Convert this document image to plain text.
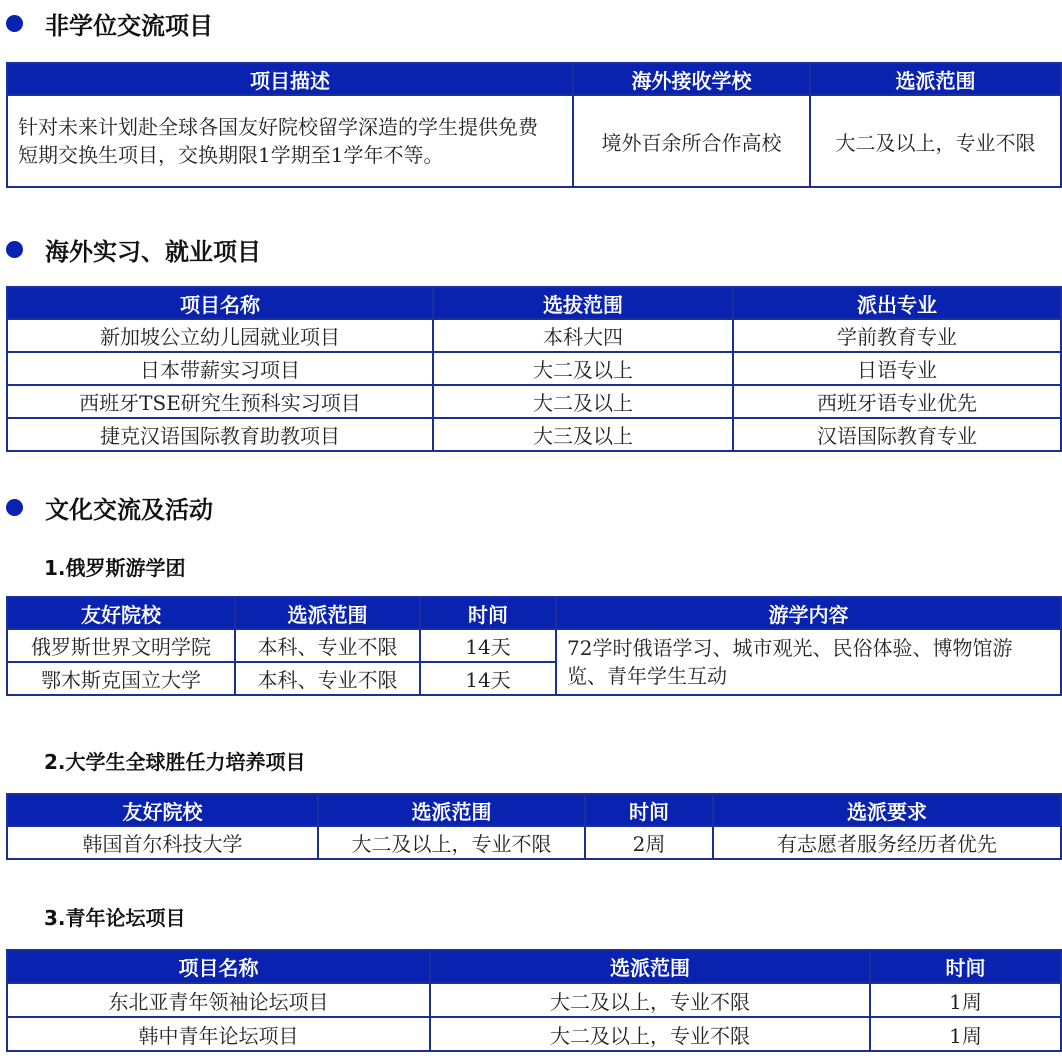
非学位交流项目
项目描述	海外接收学校	选派范围
针对未来计划赴全球各国友好院校留学深造的学生提供免费短期交换生项目，交换期限1学期至1学年不等。	境外百余所合作高校	大二及以上，专业不限
海外实习、就业项目
项目名称	选拔范围	派出专业
新加坡公立幼儿园就业项目	本科大四	学前教育专业
日本带薪实习项目	大二及以上	日语专业
西班牙TSE研究生预科实习项目	大二及以上	西班牙语专业优先
捷克汉语国际教育助教项目	大三及以上	汉语国际教育专业
文化交流及活动
1.俄罗斯游学团
友好院校	选派范围	时间	游学内容
俄罗斯世界文明学院	本科、专业不限	14天	72学时俄语学习、城市观光、民俗体验、博物馆游览、青年学生互动
鄂木斯克国立大学	本科、专业不限	14天	
2.大学生全球胜任力培养项目
友好院校	选派范围	时间	选派要求
韩国首尔科技大学	大二及以上，专业不限	2周	有志愿者服务经历者优先
3.青年论坛项目
项目名称	选派范围	时间
东北亚青年领袖论坛项目	大二及以上，专业不限	1周
韩中青年论坛项目	大二及以上，专业不限	1周
